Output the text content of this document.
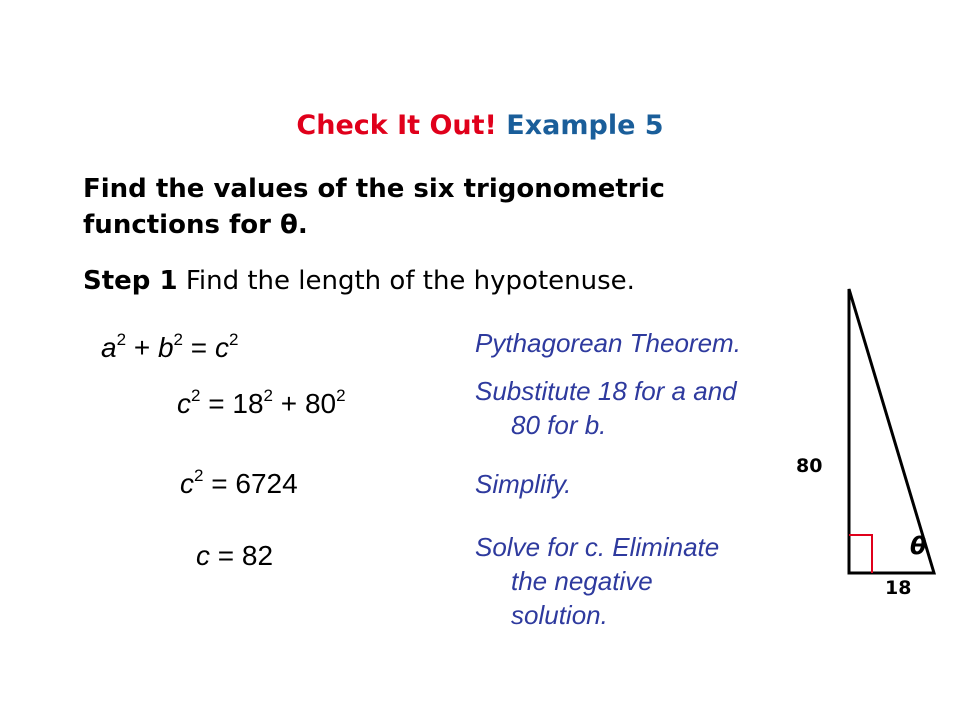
Check It Out! Example 5
Find the values of the six trigonometric
functions for θ.
Step 1 Find the length of the hypotenuse.
$a^2 + b^2 = c^2$
$c^2 = 18^2 + 80^2$
$c^2 = 6724$
c = 82
Pythagorean Theorem.
Substitute 18 for a and
80 for b.
Simplify.
Solve for c. Eliminate
the negative
solution.
80
18
θ
